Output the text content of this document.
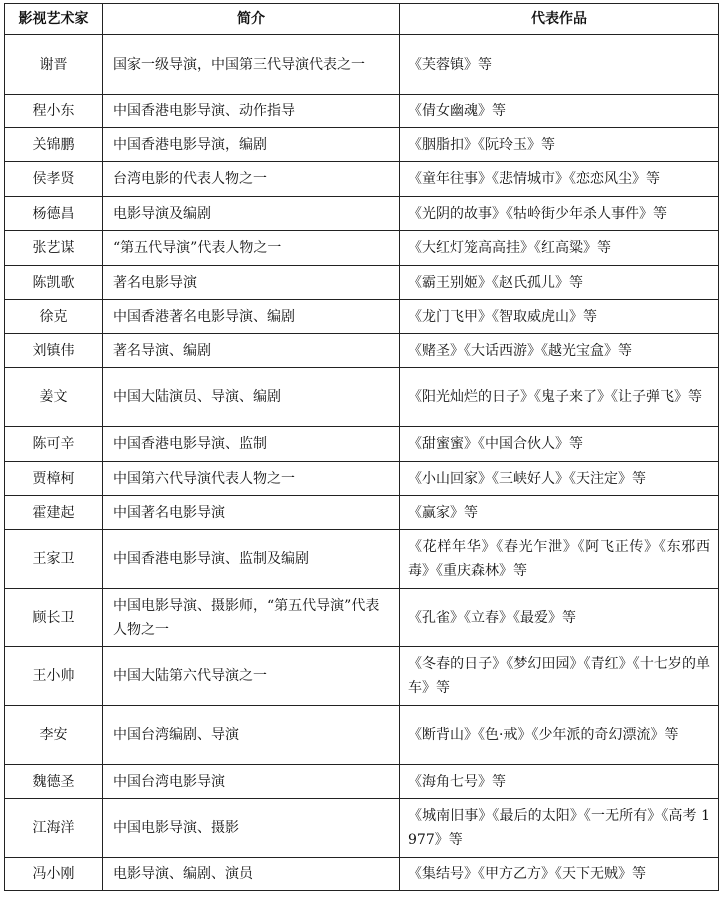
影视艺术家	简介	代表作品
谢晋	国家一级导演，中国第三代导演代表之一	《芙蓉镇》等
程小东	中国香港电影导演、动作指导	《倩女幽魂》等
关锦鹏	中国香港电影导演，编剧	《胭脂扣》《阮玲玉》等
侯孝贤	台湾电影的代表人物之一	《童年往事》《悲情城市》《恋恋风尘》等
杨德昌	电影导演及编剧	《光阴的故事》《牯岭街少年杀人事件》等
张艺谋	“第五代导演”代表人物之一	《大红灯笼高高挂》《红高粱》等
陈凯歌	著名电影导演	《霸王别姬》《赵氏孤儿》等
徐克	中国香港著名电影导演、编剧	《龙门飞甲》《智取威虎山》等
刘镇伟	著名导演、编剧	《赌圣》《大话西游》《越光宝盒》等
姜文	中国大陆演员、导演、编剧	《阳光灿烂的日子》《鬼子来了》《让子弹飞》等
陈可辛	中国香港电影导演、监制	《甜蜜蜜》《中国合伙人》等
贾樟柯	中国第六代导演代表人物之一	《小山回家》《三峡好人》《天注定》等
霍建起	中国著名电影导演	《赢家》等
王家卫	中国香港电影导演、监制及编剧	《花样年华》《春光乍泄》《阿飞正传》《东邪西毒》《重庆森林》等
顾长卫	中国电影导演、摄影师，“第五代导演”代表人物之一	《孔雀》《立春》《最爱》等
王小帅	中国大陆第六代导演之一	《冬春的日子》《梦幻田园》《青红》《十七岁的单车》等
李安	中国台湾编剧、导演	《断背山》《色·戒》《少年派的奇幻漂流》等
魏德圣	中国台湾电影导演	《海角七号》等
江海洋	中国电影导演、摄影	《城南旧事》《最后的太阳》《一无所有》《高考 1977》等
冯小刚	电影导演、编剧、演员	《集结号》《甲方乙方》《天下无贼》等
